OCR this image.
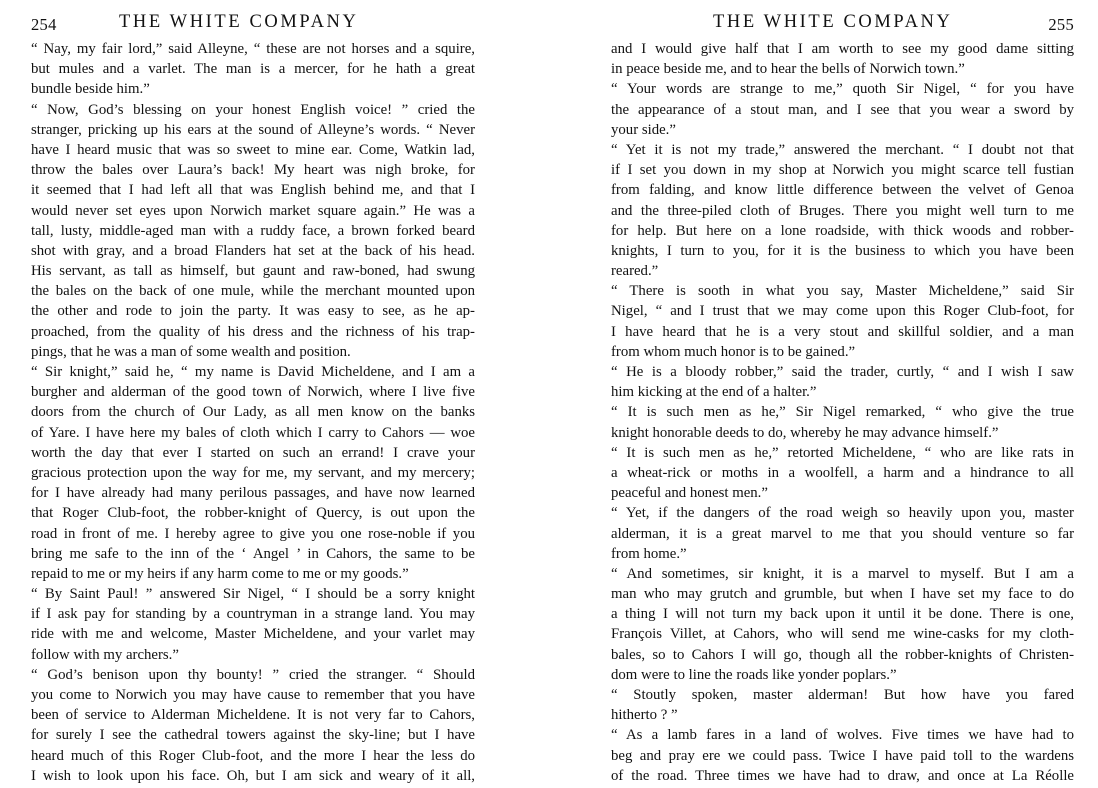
254	THE WHITE COMPANY
“ Nay, my fair lord,” said Alleyne, “ these are not horses and a squire,
but mules and a varlet. The man is a mercer, for he hath a great
bundle beside him.”
“ Now, God’s blessing on your honest English voice! ” cried the
stranger, pricking up his ears at the sound of Alleyne’s words. “ Never
have I heard music that was so sweet to mine ear. Come, Watkin lad,
throw the bales over Laura’s back! My heart was nigh broke, for
it seemed that I had left all that was English behind me, and that I
would never set eyes upon Norwich market square again.” He was a
tall, lusty, middle-aged man with a ruddy face, a brown forked beard
shot with gray, and a broad Flanders hat set at the back of his head.
His servant, as tall as himself, but gaunt and raw-boned, had swung
the bales on the back of one mule, while the merchant mounted upon
the other and rode to join the party. It was easy to see, as he ap-
proached, from the quality of his dress and the richness of his trap-
pings, that he was a man of some wealth and position.
“ Sir knight,” said he, “ my name is David Micheldene, and I am a
burgher and alderman of the good town of Norwich, where I live five
doors from the church of Our Lady, as all men know on the banks
of Yare. I have here my bales of cloth which I carry to Cahors — woe
worth the day that ever I started on such an errand! I crave your
gracious protection upon the way for me, my servant, and my mercery;
for I have already had many perilous passages, and have now learned
that Roger Club-foot, the robber-knight of Quercy, is out upon the
road in front of me. I hereby agree to give you one rose-noble if you
bring me safe to the inn of the ‘ Angel ’ in Cahors, the same to be
repaid to me or my heirs if any harm come to me or my goods.”
“ By Saint Paul! ” answered Sir Nigel, “ I should be a sorry knight
if I ask pay for standing by a countryman in a strange land. You may
ride with me and welcome, Master Micheldene, and your varlet may
follow with my archers.”
“ God’s benison upon thy bounty! ” cried the stranger. “ Should
you come to Norwich you may have cause to remember that you have
been of service to Alderman Micheldene. It is not very far to Cahors,
for surely I see the cathedral towers against the sky-line; but I have
heard much of this Roger Club-foot, and the more I hear the less do
I wish to look upon his face. Oh, but I am sick and weary of it all,
THE WHITE COMPANY	255
and I would give half that I am worth to see my good dame sitting
in peace beside me, and to hear the bells of Norwich town.”
“ Your words are strange to me,” quoth Sir Nigel, “ for you have
the appearance of a stout man, and I see that you wear a sword by
your side.”
“ Yet it is not my trade,” answered the merchant. “ I doubt not that
if I set you down in my shop at Norwich you might scarce tell fustian
from falding, and know little difference between the velvet of Genoa
and the three-piled cloth of Bruges. There you might well turn to me
for help. But here on a lone roadside, with thick woods and robber-
knights, I turn to you, for it is the business to which you have been
reared.”
“ There is sooth in what you say, Master Micheldene,” said Sir
Nigel, “ and I trust that we may come upon this Roger Club-foot, for
I have heard that he is a very stout and skillful soldier, and a man
from whom much honor is to be gained.”
“ He is a bloody robber,” said the trader, curtly, “ and I wish I saw
him kicking at the end of a halter.”
“ It is such men as he,” Sir Nigel remarked, “ who give the true
knight honorable deeds to do, whereby he may advance himself.”
“ It is such men as he,” retorted Micheldene, “ who are like rats in
a wheat-rick or moths in a woolfell, a harm and a hindrance to all
peaceful and honest men.”
“ Yet, if the dangers of the road weigh so heavily upon you, master
alderman, it is a great marvel to me that you should venture so far
from home.”
“ And sometimes, sir knight, it is a marvel to myself. But I am a
man who may grutch and grumble, but when I have set my face to do
a thing I will not turn my back upon it until it be done. There is one,
François Villet, at Cahors, who will send me wine-casks for my cloth-
bales, so to Cahors I will go, though all the robber-knights of Christen-
dom were to line the roads like yonder poplars.”
“ Stoutly spoken, master alderman! But how have you fared
hitherto ? ”
“ As a lamb fares in a land of wolves. Five times we have had to
beg and pray ere we could pass. Twice I have paid toll to the wardens
of the road. Three times we have had to draw, and once at La Réolle
